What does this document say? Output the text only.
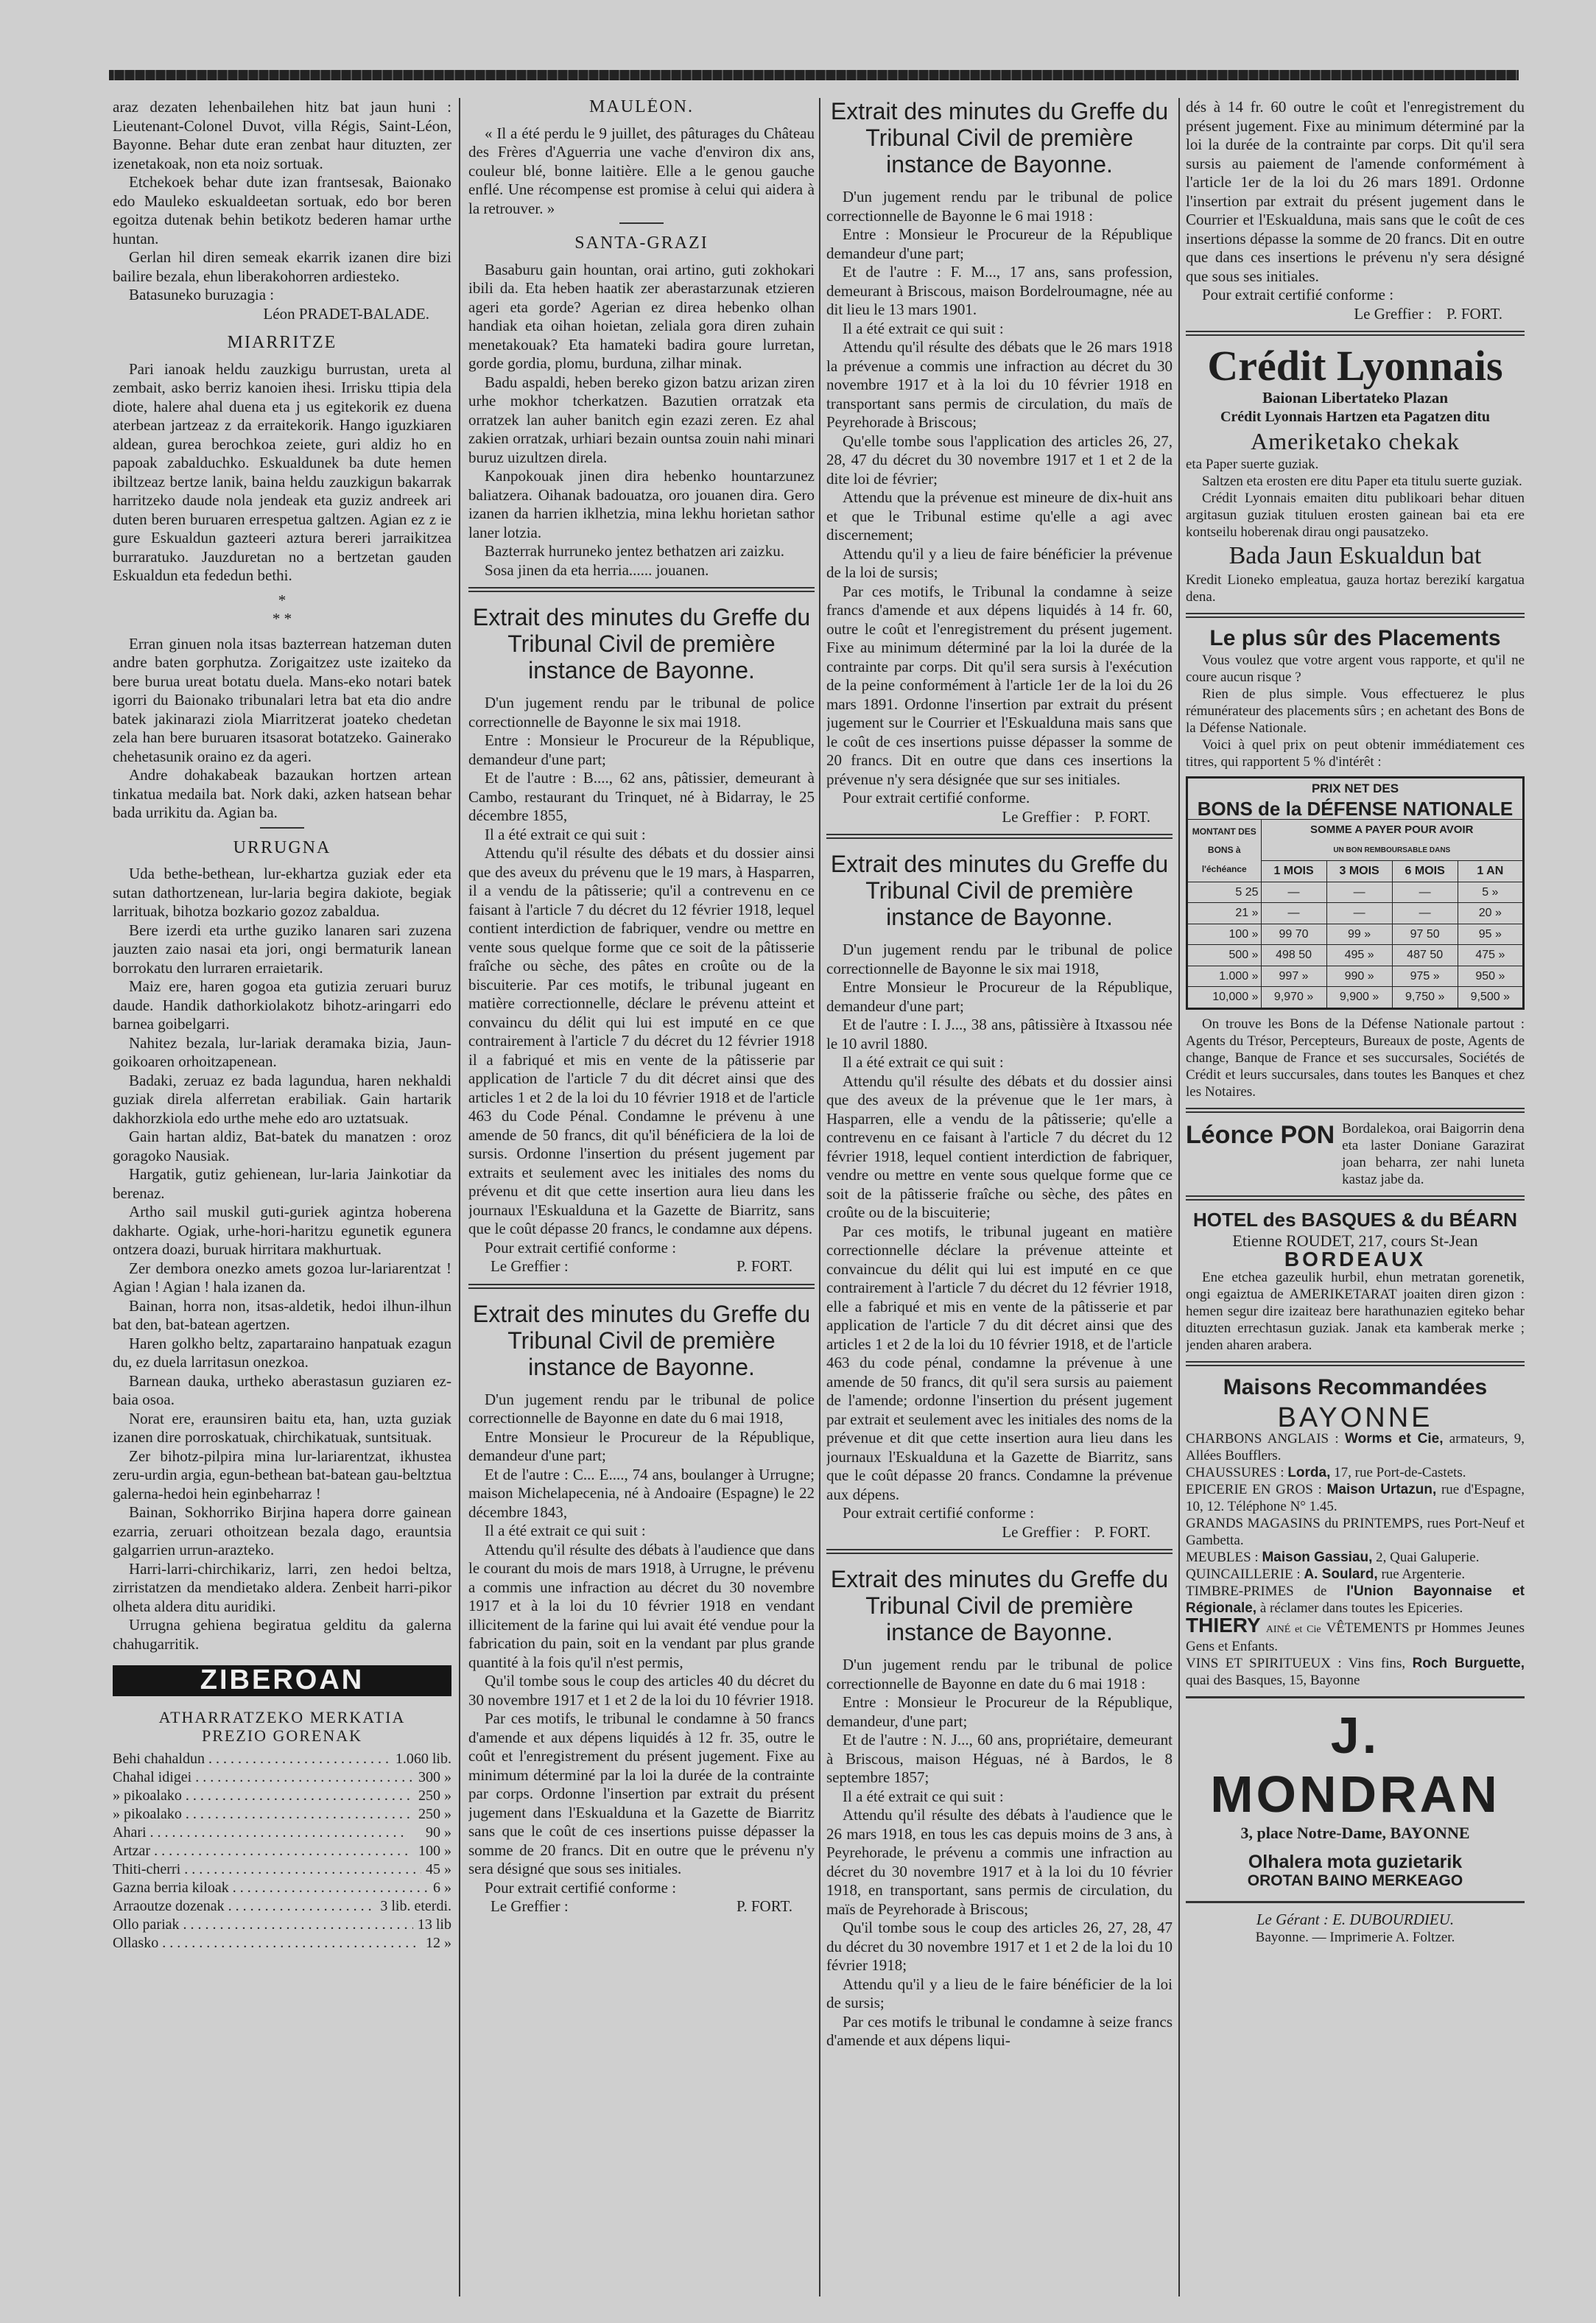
araz dezaten lehenbailehen hitz bat jaun huni : Lieutenant-Colonel Duvot, villa Régis, Saint-Léon, Bayonne. Behar dute eran zenbat haur dituzten, zer izenetakoak, non eta noiz sortuak.

Etchekoek behar dute izan frantsesak, Baionako edo Mauleko eskualdeetan sortuak, edo bor beren egoitza dutenak behin betikotz bederen hamar urthe huntan.

Gerlan hil diren semeak ekarrik izanen dire bizi bailire bezala, ehun liberakohorren ardiesteko.

Batasuneko buruzagia :

Léon PRADET-BALADE.

MIARRITZE

Pari ianoak heldu zauzkigu burrustan, ureta al zembait, asko berriz kanoien ihesi. Irrisku ttipia dela diote, halere ahal duena eta j us egitekorik ez duena aterbean jartzeaz z da erraitekorik. Hango iguzkiaren aldean, gurea berochkoa zeiete, guri aldiz ho en papoak zabalduchko. Eskualdunek ba dute hemen ibiltzeaz bertze lanik, baina heldu zauzkigun bakarrak harritzeko daude nola jendeak eta guziz andreek ari duten beren buruaren errespetua galtzen. Agian ez z ie gure Eskualdun gazteeri aztura bereri jarraikitzea burraratuko. Jauzduretan no a bertzetan gauden Eskualdun eta fededun bethi.

*
* *

Erran ginuen nola itsas bazterrean hatzeman duten andre baten gorphutza. Zorigaitzez uste izaiteko da bere burua ureat botatu duela. Mans-eko notari batek igorri du Baionako tribunalari letra bat eta dio andre batek jakinarazi ziola Miarritzerat joateko chedetan zela han bere buruaren itsasorat botatzeko. Gainerako chehetasunik oraino ez da ageri.

Andre dohakabeak bazaukan hortzen artean tinkatua medaila bat. Nork daki, azken hatsean behar bada urrikitu da. Agian ba.

URRUGNA

Uda bethe-bethean, lur-ekhartza guziak eder eta sutan dathortzenean, lur-laria begira dakiote, begiak larrituak, bihotza bozkario gozoz zabaldua.

Bere izerdi eta urthe guziko lanaren sari zuzena jauzten zaio nasai eta jori, ongi bermaturik lanean borrokatu den lurraren erraietarik.

Maiz ere, haren gogoa eta gutizia zeruari buruz daude. Handik dathorkiolakotz bihotz-aringarri edo barnea goibelgarri.

Nahitez bezala, lur-lariak deramaka bizia, Jaun-goikoaren orhoitzapenean.

Badaki, zeruaz ez bada lagundua, haren nekhaldi guziak direla alferretan erabiliak. Gain hartarik dakhorzkiola edo urthe mehe edo aro uztatsuak.

Gain hartan aldiz, Bat-batek du manatzen : oroz goragoko Nausiak.

Hargatik, gutiz gehienean, lur-laria Jainkotiar da berenaz.

Artho sail muskil guti-guriek agintza hoberena dakharte. Ogiak, urhe-hori-haritzu egunetik egunera ontzera doazi, buruak hirritara makhurtuak.

Zer dembora onezko amets gozoa lur-lariarentzat ! Agian ! Agian ! hala izanen da.

Bainan, horra non, itsas-aldetik, hedoi ilhun-ilhun bat den, bat-batean agertzen.

Haren golkho beltz, zapartaraino hanpatuak ezagun du, ez duela larritasun onezkoa.

Barnean dauka, urtheko aberastasun guziaren ez-baia osoa.

Norat ere, eraunsiren baitu eta, han, uzta guziak izanen dire porroskatuak, chirchikatuak, suntsituak.

Zer bihotz-pilpira mina lur-lariarentzat, ikhustea zeru-urdin argia, egun-bethean bat-batean gau-beltztua galerna-hedoi hein eginbeharraz !

Bainan, Sokhorriko Birjina hapera dorre gainean ezarria, zeruari othoitzean bezala dago, erauntsia galgarrien urrun-arazteko.

Harri-larri-chirchikariz, larri, zen hedoi beltza, zirristatzen da mendietako aldera. Zenbeit harri-pikor olheta aldera ditu auridiki.

Urrugna gehiena begiratua gelditu da galerna chahugarritik.

ZIBEROAN
ATHARRATZEKO MERKATIA
PREZIO GORENAK
Behi chahaldun . . .	1.060 lib.
Chahal idigei . . .	300 »
» pikoalako . . .	250 »
» pikoalako . . .	250 »
Ahari . . .	90 »
Artzar . . .	100 »
Thiti-cherri . . .	45 »
Gazna berria kiloak . . .	6 »
Arraoutze dozenak . . .	3 lib. eterdi.
Ollo pariak . . .	13 lib
Ollasko . . .	12 »
MAULÉON.

« Il a été perdu le 9 juillet, des pâturages du Château des Frères d'Aguerria une vache d'environ dix ans, couleur blé, bonne laitière. Elle a le genou gauche enflé. Une récompense est promise à celui qui aidera à la retrouver. »

SANTA-GRAZI

Basaburu gain hountan, orai artino, guti zokhokari ibili da. Eta heben haatik zer aberastarzunak etzieren ageri eta gorde? Agerian ez direa hebenko olhan handiak eta oihan hoietan, zeliala gora diren zuhain menetakouak? Eta hamateki badira goure lurretan, gorde gordia, plomu, burduna, zilhar minak.

Badu aspaldi, heben bereko gizon batzu arizan ziren urhe mokhor tcherkatzen. Bazutien orratzak eta orratzek lan auher banitch egin ezazi zeren. Ez ahal zakien orratzak, urhiari bezain ountsa zouin nahi minari buruz uizultzen direla.

Kanpokouak jinen dira hebenko hountarzunez baliatzera. Oihanak badouatza, oro jouanen dira. Gero izanen da harrien iklhetzia, mina lekhu horietan sathor laner lotzia.

Bazterrak hurruneko jentez bethatzen ari zaizku.

Sosa jinen da eta herria...... jouanen.

Extrait des minutes du Greffe du Tribunal Civil de première instance de Bayonne.

D'un jugement rendu par le tribunal de police correctionnelle de Bayonne le six mai 1918.

Entre : Monsieur le Procureur de la République, demandeur d'une part;

Et de l'autre : B...., 62 ans, pâtissier, demeurant à Cambo, restaurant du Trinquet, né à Bidarray, le 25 décembre 1855,

Il a été extrait ce qui suit :

Attendu qu'il résulte des débats et du dossier ainsi que des aveux du prévenu que le 19 mars, à Hasparren, il a vendu de la pâtisserie; qu'il a contrevenu en ce faisant à l'article 7 du décret du 12 février 1918, lequel contient interdiction de fabriquer, vendre ou mettre en vente sous quelque forme que ce soit de la pâtisserie fraîche ou sèche, des pâtes en croûte ou de la biscuiterie. Par ces motifs, le tribunal jugeant en matière correctionnelle, déclare le prévenu atteint et convaincu du délit qui lui est imputé en ce que contrairement à l'article 7 du décret du 12 février 1918 il a fabriqué et mis en vente de la pâtisserie par application de l'article 7 du dit décret ainsi que des articles 1 et 2 de la loi du 10 février 1918 et de l'article 463 du Code Pénal. Condamne le prévenu à une amende de 50 francs, dit qu'il bénéficiera de la loi de sursis. Ordonne l'insertion du présent jugement par extraits et seulement avec les initiales des noms du prévenu et dit que cette insertion aura lieu dans les journaux l'Eskualduna et la Gazette de Biarritz, sans que le coût dépasse 20 francs, le condamne aux dépens.

Pour extrait certifié conforme :

Le Greffier :	P. FORT.
Extrait des minutes du Greffe du Tribunal Civil de première instance de Bayonne.

D'un jugement rendu par le tribunal de police correctionnelle de Bayonne en date du 6 mai 1918,

Entre Monsieur le Procureur de la République, demandeur d'une part;

Et de l'autre : C... E...., 74 ans, boulanger à Urrugne; maison Michelapecenia, né à Andoaire (Espagne) le 22 décembre 1843,

Il a été extrait ce qui suit :

Attendu qu'il résulte des débats à l'audience que dans le courant du mois de mars 1918, à Urrugne, le prévenu a commis une infraction au décret du 30 novembre 1917 et à la loi du 10 février 1918 en vendant illicitement de la farine qui lui avait été vendue pour la fabrication du pain, soit en la vendant par plus grande quantité à la fois qu'il n'est permis,

Qu'il tombe sous le coup des articles 40 du décret du 30 novembre 1917 et 1 et 2 de la loi du 10 février 1918.

Par ces motifs, le tribunal le condamne à 50 francs d'amende et aux dépens liquidés à 12 fr. 35, outre le coût et l'enregistrement du présent jugement. Fixe au minimum déterminé par la loi la durée de la contrainte par corps. Ordonne l'insertion par extrait du présent jugement dans l'Eskualduna et la Gazette de Biarritz sans que le coût de ces insertions puisse dépasser la somme de 20 francs. Dit en outre que le prévenu n'y sera désigné que sous ses initiales.

Pour extrait certifié conforme :

Le Greffier :	P. FORT.
Extrait des minutes du Greffe du Tribunal Civil de première instance de Bayonne.

D'un jugement rendu par le tribunal de police correctionnelle de Bayonne le 6 mai 1918 :

Entre : Monsieur le Procureur de la République demandeur d'une part;

Et de l'autre : F. M..., 17 ans, sans profession, demeurant à Briscous, maison Bordelroumagne, née au dit lieu le 13 mars 1901.

Il a été extrait ce qui suit :

Attendu qu'il résulte des débats que le 26 mars 1918 la prévenue a commis une infraction au décret du 30 novembre 1917 et à la loi du 10 février 1918 en transportant sans permis de circulation, du maïs de Peyrehorade à Briscous;

Qu'elle tombe sous l'application des articles 26, 27, 28, 47 du décret du 30 novembre 1917 et 1 et 2 de la dite loi de février;

Attendu que la prévenue est mineure de dix-huit ans et que le Tribunal estime qu'elle a agi avec discernement;

Attendu qu'il y a lieu de faire bénéficier la prévenue de la loi de sursis;

Par ces motifs, le Tribunal la condamne à seize francs d'amende et aux dépens liquidés à 14 fr. 60, outre le coût et l'enregistrement du présent jugement. Fixe au minimum déterminé par la loi la durée de la contrainte par corps. Dit qu'il sera sursis à l'exécution de la peine conformément à l'article 1er de la loi du 26 mars 1891. Ordonne l'insertion par extrait du présent jugement sur le Courrier et l'Eskualduna mais sans que le coût de ces insertions puisse dépasser la somme de 20 francs. Dit en outre que dans ces insertions la prévenue n'y sera désignée que sur ses initiales.

Pour extrait certifié conforme.

Le Greffier : P. FORT.
Extrait des minutes du Greffe du Tribunal Civil de première instance de Bayonne.

D'un jugement rendu par le tribunal de police correctionnelle de Bayonne le six mai 1918,

Entre Monsieur le Procureur de la République, demandeur d'une part;

Et de l'autre : I. J..., 38 ans, pâtissière à Itxassou née le 10 avril 1880.

Il a été extrait ce qui suit :

Attendu qu'il résulte des débats et du dossier ainsi que des aveux de la prévenue que le 1er mars, à Hasparren, elle a vendu de la pâtisserie; qu'elle a contrevenu en ce faisant à l'article 7 du décret du 12 février 1918, lequel contient interdiction de fabriquer, vendre ou mettre en vente sous quelque forme que ce soit de la pâtisserie fraîche ou sèche, des pâtes en croûte ou de la biscuiterie;

Par ces motifs, le tribunal jugeant en matière correctionnelle déclare la prévenue atteinte et convaincue du délit qui lui est imputé en ce que contrairement à l'article 7 du décret du 12 février 1918, elle a fabriqué et mis en vente de la pâtisserie et par application de l'article 7 du dit décret ainsi que des articles 1 et 2 de la loi du 10 février 1918, et de l'article 463 du code pénal, condamne la prévenue à une amende de 50 francs, dit qu'il sera sursis au paiement de l'amende; ordonne l'insertion du présent jugement par extrait et seulement avec les initiales des noms de la prévenue et dit que cette insertion aura lieu dans les journaux l'Eskualduna et la Gazette de Biarritz, sans que le coût dépasse 20 francs. Condamne la prévenue aux dépens.

Pour extrait certifié conforme :

Le Greffier : P. FORT.
Extrait des minutes du Greffe du Tribunal Civil de première instance de Bayonne.

D'un jugement rendu par le tribunal de police correctionnelle de Bayonne en date du 6 mai 1918 :

Entre : Monsieur le Procureur de la République, demandeur, d'une part;

Et de l'autre : N. J..., 60 ans, propriétaire, demeurant à Briscous, maison Héguas, né à Bardos, le 8 septembre 1857;

Il a été extrait ce qui suit :

Attendu qu'il résulte des débats à l'audience que le 26 mars 1918, en tous les cas depuis moins de 3 ans, à Peyrehorade, le prévenu a commis une infraction au décret du 30 novembre 1917 et à la loi du 10 février 1918, en transportant, sans permis de circulation, du maïs de Peyrehorade à Briscous;

Qu'il tombe sous le coup des articles 26, 27, 28, 47 du décret du 30 novembre 1917 et 1 et 2 de la loi du 10 février 1918;

Attendu qu'il y a lieu de le faire bénéficier de la loi de sursis;

Par ces motifs le tribunal le condamne à seize francs d'amende et aux dépens liqui-

dés à 14 fr. 60 outre le coût et l'enregistrement du présent jugement. Fixe au minimum déterminé par la loi la durée de la contrainte par corps. Dit qu'il sera sursis au paiement de l'amende conformément à l'article 1er de la loi du 26 mars 1891. Ordonne l'insertion par extrait du présent jugement dans le Courrier et l'Eskualduna, mais sans que le coût de ces insertions dépasse la somme de 20 francs. Dit en outre que dans ces insertions le prévenu n'y sera désigné que sous ses initiales.

Pour extrait certifié conforme :

Le Greffier : P. FORT.
Crédit Lyonnais
Baionan Libertateko Plazan
Crédit Lyonnais Hartzen eta Pagatzen ditu
Ameriketako chekak

eta Paper suerte guziak.

Saltzen eta erosten ere ditu Paper eta titulu suerte guziak.

Crédit Lyonnais emaiten ditu publikoari behar dituen argitasun guziak tituluen erosten gainean bai eta ere kontseilu hoberenak dirau ongi pausatzeko.

Bada Jaun Eskualdun bat

Kredit Lioneko empleatua, gauza hortaz berezikí kargatua dena.

Le plus sûr des Placements

Vous voulez que votre argent vous rapporte, et qu'il ne coure aucun risque ?

Rien de plus simple. Vous effectuerez le plus rémunérateur des placements sûrs ; en achetant des Bons de la Défense Nationale.

Voici à quel prix on peut obtenir immédiatement ces titres, qui rapportent 5 % d'intérêt :

PRIX NET DES				
BONS de la DÉFENSE NATIONALE				
MONTANT DES BONS à l'échéance	SOMME A PAYER POUR AVOIR
UN BON REMBOURSABLE DANS			
	1 MOIS	3 MOIS	6 MOIS	1 AN
5 25	—	—	—	5 »
21 »	—	—	—	20 »
100 »	99 70	99 »	97 50	95 »
500 »	498 50	495 »	487 50	475 »
1.000 »	997 »	990 »	975 »	950 »
10,000 »	9,970 »	9,900 »	9,750 »	9,500 »

On trouve les Bons de la Défense Nationale partout : Agents du Trésor, Percepteurs, Bureaux de poste, Agents de change, Banque de France et ses succursales, Sociétés de Crédit et leurs succursales, dans toutes les Banques et chez les Notaires.

Léonce PON Bordalekoa, orai Baigorrin dena eta laster Doniane Garazirat joan beharra, zer nahi luneta kastaz jabe da.

HOTEL des BASQUES & du BÉARN
Etienne ROUDET, 217, cours St-Jean
BORDEAUX

Ene etchea gazeulik hurbil, ehun metratan gorenetik, ongi egaiztua de AMERIKETARAT joaiten diren gizon : hemen segur dire izaiteaz bere harathunazien egiteko behar dituzten errechtasun guziak. Janak eta kamberak merke ; jenden aharen arabera.

Maisons Recommandées
BAYONNE

CHARBONS ANGLAIS : Worms et Cie, armateurs, 9, Allées Boufflers.

CHAUSSURES : Lorda, 17, rue Port-de-Castets.

EPICERIE EN GROS : Maison Urtazun, rue d'Espagne, 10, 12. Téléphone N° 1.45.

GRANDS MAGASINS du PRINTEMPS, rues Port-Neuf et Gambetta.

MEUBLES : Maison Gassiau, 2, Quai Galuperie.

QUINCAILLERIE : A. Soulard, rue Argenterie.

TIMBRE-PRIMES de l'Union Bayonnaise et Régionale, à réclamer dans toutes les Epiceries.

THIERY AINÉ et Cie VÊTEMENTS pr Hommes Jeunes Gens et Enfants.

VINS ET SPIRITUEUX : Vins fins, Roch Burguette, quai des Basques, 15, Bayonne

J. MONDRAN
3, place Notre-Dame, BAYONNE
Olhalera mota guzietarik
OROTAN BAINO MERKEAGO
Le Gérant : E. DUBOURDIEU.
Bayonne. — Imprimerie A. Foltzer.
